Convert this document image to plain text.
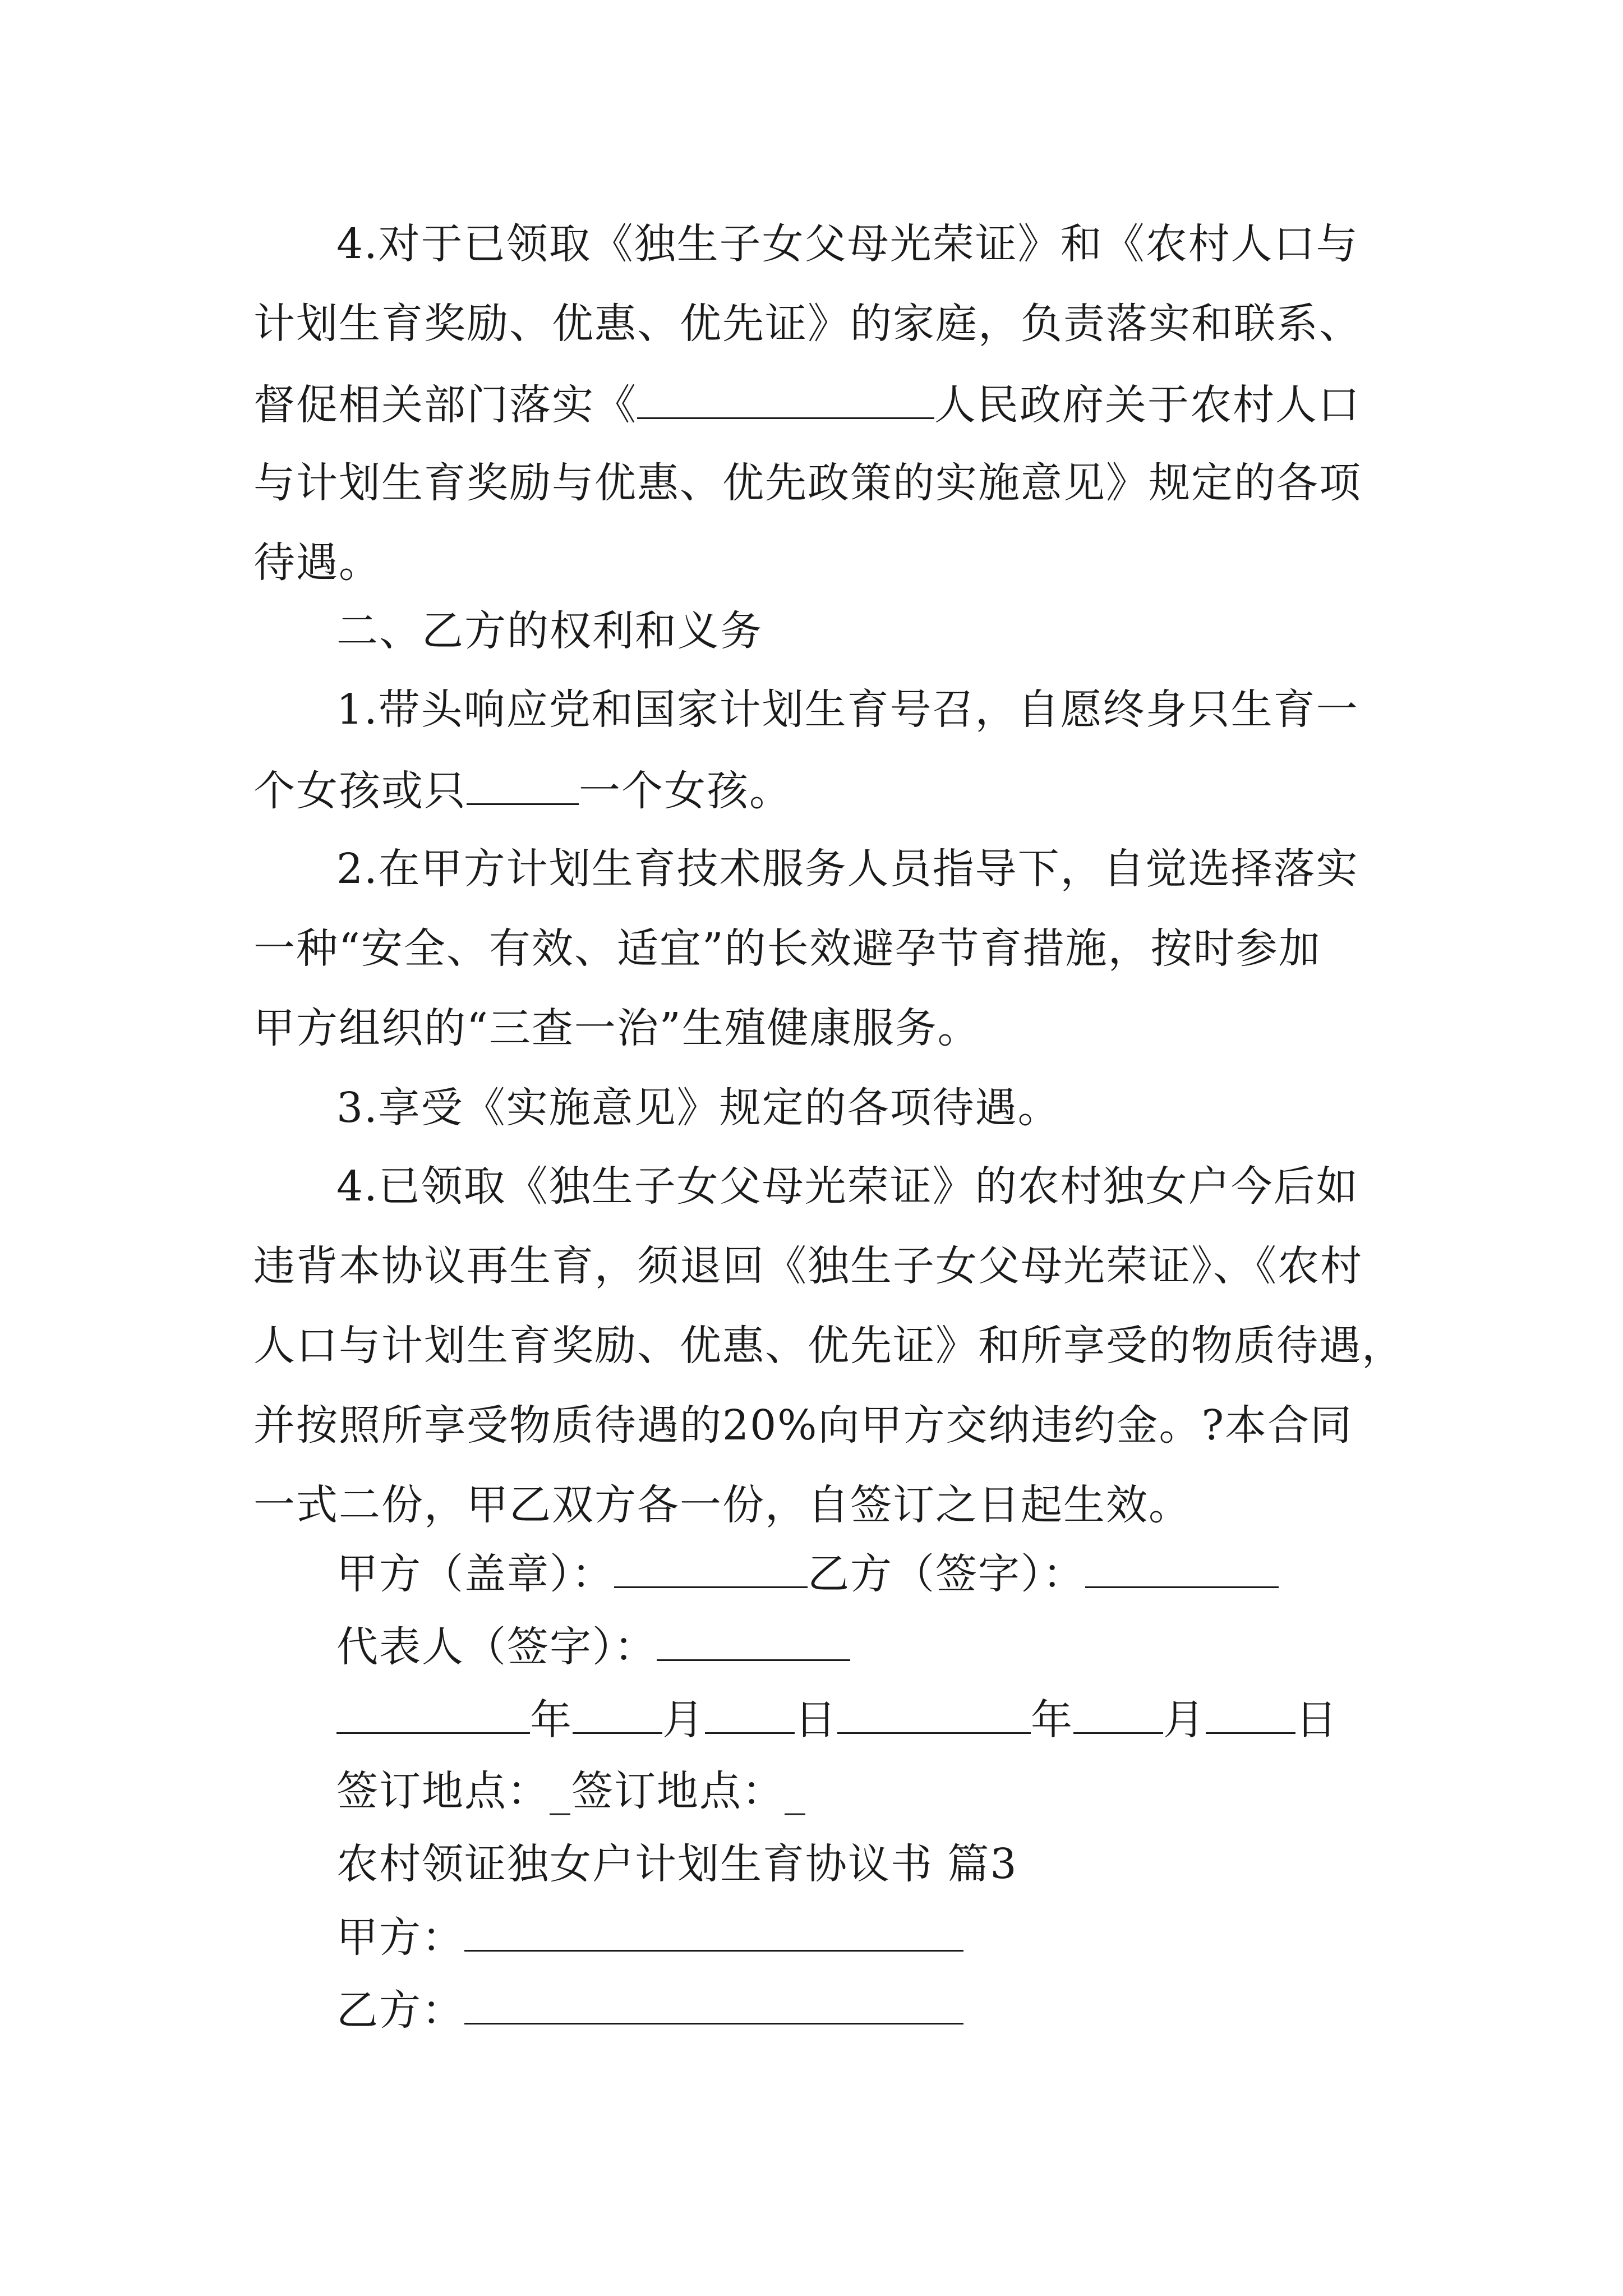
4.对于已领取《独生子女父母光荣证》和《农村人口与
计划生育奖励、优惠、优先证》的家庭，负责落实和联系、
督促相关部门落实《	人民政府关于农村人口
与计划生育奖励与优惠、优先政策的实施意见》规定的各项
待遇。
二、乙方的权利和义务
1.带头响应党和国家计划生育号召，自愿终身只生育一
个女孩或只	一个女孩。
2.在甲方计划生育技术服务人员指导下，自觉选择落实
一种“安全、有效、适宜”的长效避孕节育措施，按时参加
甲方组织的“三查一治”生殖健康服务。
3.享受《实施意见》规定的各项待遇。
4.已领取《独生子女父母光荣证》的农村独女户今后如
违背本协议再生育，须退回《独生子女父母光荣证》、《农村
人口与计划生育奖励、优惠、优先证》和所享受的物质待遇，
并按照所享受物质待遇的20%向甲方交纳违约金。?本合同
一式二份，甲乙双方各一份，自签订之日起生效。
甲方（盖章）：	乙方（签字）：
代表人（签字）：
年 月 日	年 月 日
签订地点：_签订地点：_
农村领证独女户计划生育协议书 篇3
甲方：
乙方：
